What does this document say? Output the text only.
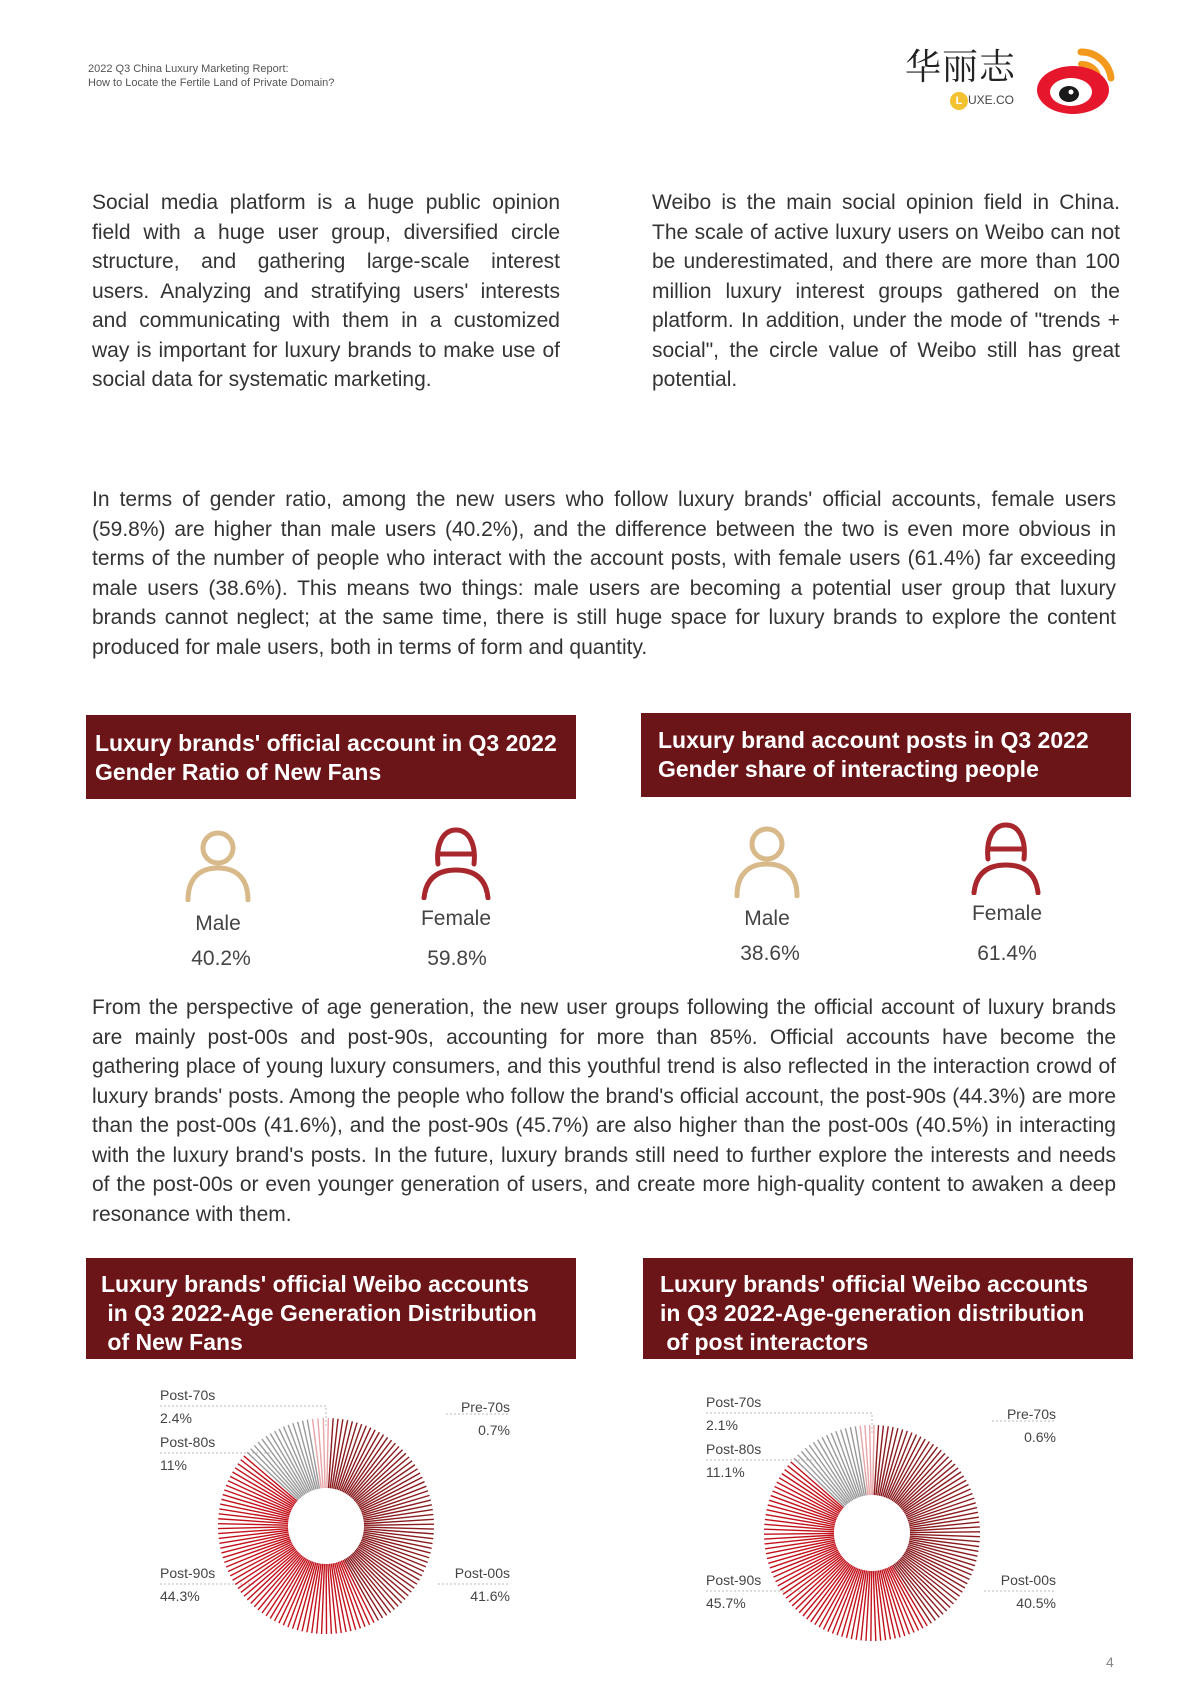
2022 Q3 China Luxury Marketing Report:
How to Locate the Fertile Land of Private Domain?	华丽志
L UXE.CO
Social media platform is a huge public opinion field with a huge user group, diversified circle structure, and gathering large-scale interest users. Analyzing and stratifying users' interests and communicating with them in a customized way is important for luxury brands to make use of social data for systematic marketing.
Weibo is the main social opinion field in China. The scale of active luxury users on Weibo can not be underestimated, and there are more than 100 million luxury interest groups gathered on the platform. In addition, under the mode of "trends + social", the circle value of Weibo still has great potential.
In terms of gender ratio, among the new users who follow luxury brands' official accounts, female users (59.8%) are higher than male users (40.2%), and the difference between the two is even more obvious in terms of the number of people who interact with the account posts, with female users (61.4%) far exceeding male users (38.6%). This means two things: male users are becoming a potential user group that luxury brands cannot neglect; at the same time, there is still huge space for luxury brands to explore the content produced for male users, both in terms of form and quantity.
Luxury brands' official account in Q3 2022
Gender Ratio of New Fans
Luxury brand account posts in Q3 2022
Gender share of interacting people
Male
40.2%
Female
59.8%
Male
38.6%
Female
61.4%
From the perspective of age generation, the new user groups following the official account of luxury brands are mainly post-00s and post-90s, accounting for more than 85%. Official accounts have become the gathering place of young luxury consumers, and this youthful trend is also reflected in the interaction crowd of luxury brands' posts. Among the people who follow the brand's official account, the post-90s (44.3%) are more than the post-00s (41.6%), and the post-90s (45.7%) are also higher than the post-00s (40.5%) in interacting with the luxury brand's posts. In the future, luxury brands still need to further explore the interests and needs of the post-00s or even younger generation of users, and create more high-quality content to awaken a deep resonance with them.
Luxury brands' official Weibo accounts
in Q3 2022-Age Generation Distribution
of New Fans
Luxury brands' official Weibo accounts
in Q3 2022-Age-generation distribution
of post interactors
Post-70s
2.4%
Post-80s
11%
Pre-70s
0.7%
Post-90s
44.3%
Post-00s
41.6%
Post-70s
2.1%
Post-80s
11.1%
Pre-70s
0.6%
Post-90s
45.7%
Post-00s
40.5%
4
